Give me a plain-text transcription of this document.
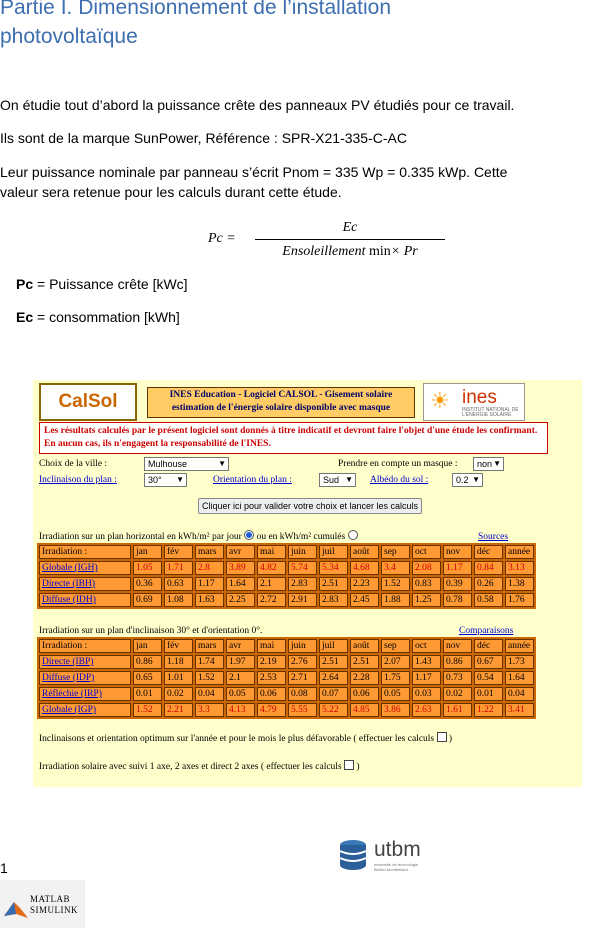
Partie I. Dimensionnement de l’installation
photovoltaïque

On étudie tout d’abord la puissance crête des panneaux PV étudiés pour ce travail.

Ils sont de la marque SunPower, Référence : SPR-X21-335-C-AC

Leur puissance nominale par panneau s’écrit Pnom = 335 Wp = 0.335 kWp. Cette
valeur sera retenue pour les calculs durant cette étude.

Pc =
Ec
Ensoleillement min× Pr
Pc = Puissance crête [kWc]
Ec = consommation [kWh]
CalSol	INES Education - Logiciel CALSOL - Gisement solaire
estimation de l'énergie solaire disponible avec masque	☀ ines
INSTITUT NATIONAL DE L'ÉNERGIE SOLAIRE
Les résultats calculés par le présent logiciel sont donnés à titre indicatif et devront faire l'objet d'une étude les confirmant. En aucun cas, ils n'engagent la responsabilité de l'INES.
Choix de la ville :	Mulhouse	▼	Prendre en compte un masque :	non ▼
Inclinaison du plan :	30° ▼	Orientation du plan :	Sud ▼ Albédo du sol :	0.2 ▼
Cliquer ici pour valider votre choix et lancer les calculs
Irradiation sur un plan horizontal en kWh/m² par jour ou en kWh/m² cumulés	Sources
Irradiation :	jan	fév	mars	avr	mai	juin	juil	août	sep	oct	nov	déc	année
Globale (IGH)	1.05	1.71	2.8	3.89	4.82	5.74	5.34	4.68	3.4	2.08	1.17	0.84	3.13
Directe (IBH)	0.36	0.63	1.17	1.64	2.1	2.83	2.51	2.23	1.52	0.83	0.39	0.26	1.38
Diffuse (IDH)	0.69	1.08	1.63	2.25	2.72	2.91	2.83	2.45	1.88	1.25	0.78	0.58	1.76
Irradiation sur un plan d'inclinaison 30° et d'orientation 0°.	Comparaisons
Irradiation :	jan	fév	mars	avr	mai	juin	juil	août	sep	oct	nov	déc	année
Directe (IBP)	0.86	1.18	1.74	1.97	2.19	2.76	2.51	2.51	2.07	1.43	0.86	0.67	1.73
Diffuse (IDP)	0.65	1.01	1.52	2.1	2.53	2.71	2.64	2.28	1.75	1.17	0.73	0.54	1.64
Réfléchie (IRP)	0.01	0.02	0.04	0.05	0.06	0.08	0.07	0.06	0.05	0.03	0.02	0.01	0.04
Globale (IGP)	1.52	2.21	3.3	4.13	4.79	5.55	5.22	4.85	3.86	2.63	1.61	1.22	3.41
Inclinaisons et orientation optimum sur l'année et pour le mois le plus défavorable ( effectuer les calculs )
Irradiation solaire avec suivi 1 axe, 2 axes et direct 2 axes ( effectuer les calculs )
utbm
université de technologie Belfort-Montbéliard
1
MATLAB
SIMULINK
